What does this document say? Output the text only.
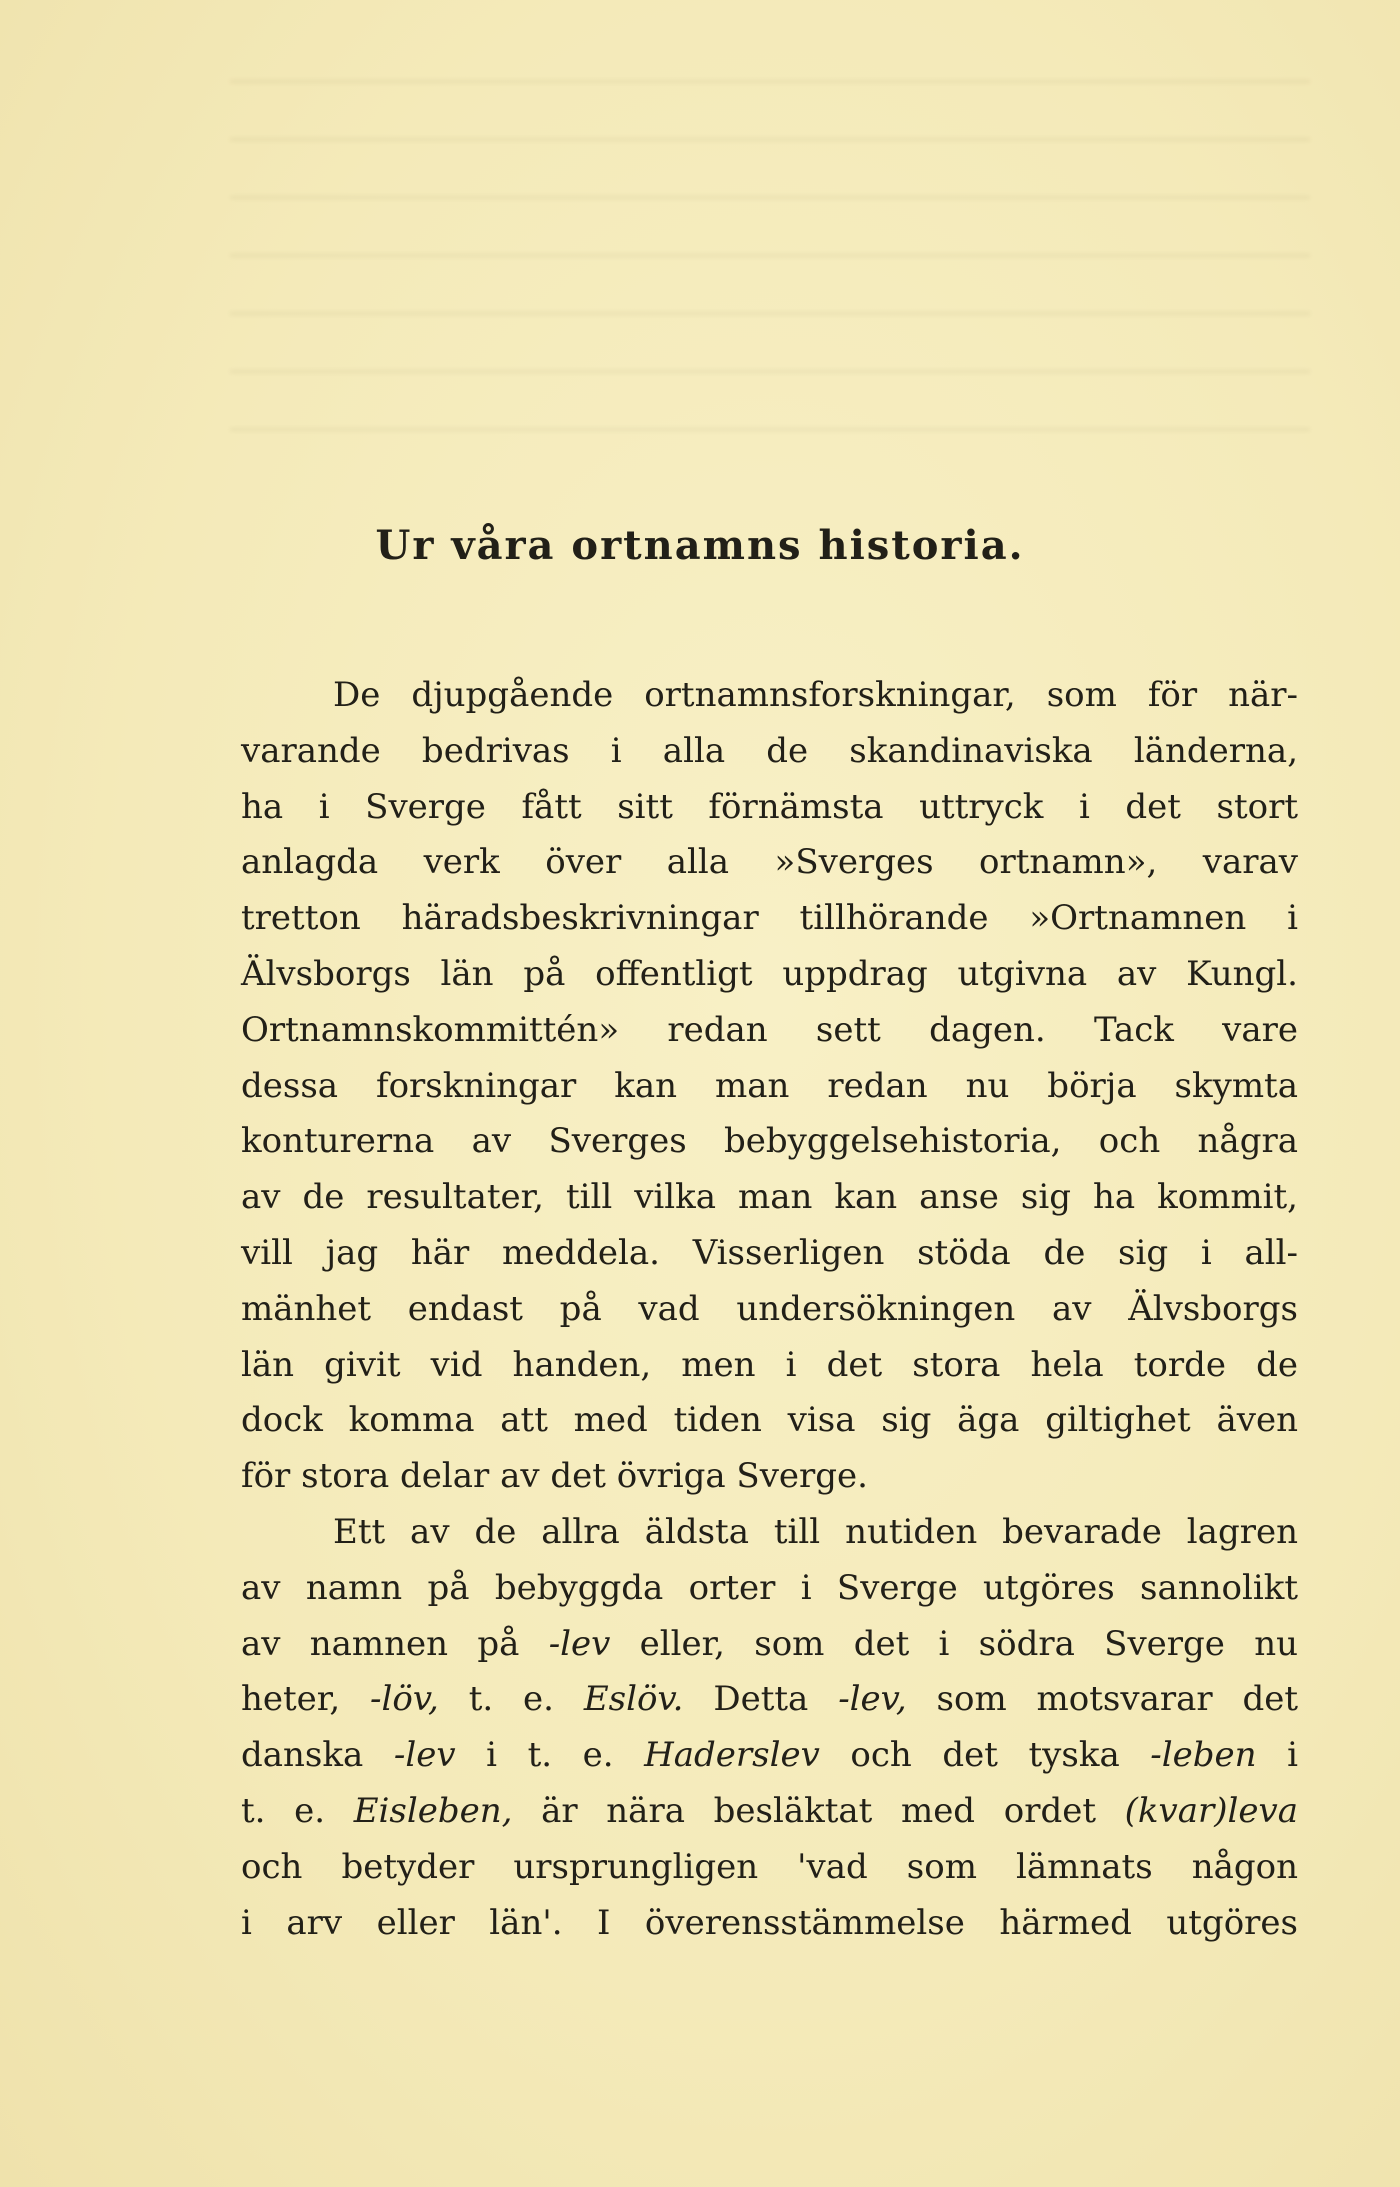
Ur våra ortnamns historia.
De djupgående ortnamnsforskningar, som för när-
varande bedrivas i alla de skandinaviska länderna,
ha i Sverge fått sitt förnämsta uttryck i det stort
anlagda verk över alla »Sverges ortnamn», varav
tretton häradsbeskrivningar tillhörande »Ortnamnen i
Älvsborgs län på offentligt uppdrag utgivna av Kungl.
Ortnamnskommittén» redan sett dagen. Tack vare
dessa forskningar kan man redan nu börja skymta
konturerna av Sverges bebyggelsehistoria, och några
av de resultater, till vilka man kan anse sig ha kommit,
vill jag här meddela. Visserligen stöda de sig i all-
mänhet endast på vad undersökningen av Älvsborgs
län givit vid handen, men i det stora hela torde de
dock komma att med tiden visa sig äga giltighet även
för stora delar av det övriga Sverge.
Ett av de allra äldsta till nutiden bevarade lagren
av namn på bebyggda orter i Sverge utgöres sannolikt
av namnen på -lev eller, som det i södra Sverge nu
heter, -löv, t. e. Eslöv. Detta -lev, som motsvarar det
danska -lev i t. e. Haderslev och det tyska -leben i
t. e. Eisleben, är nära besläktat med ordet (kvar)leva
och betyder ursprungligen 'vad som lämnats någon
i arv eller län'. I överensstämmelse härmed utgöres
